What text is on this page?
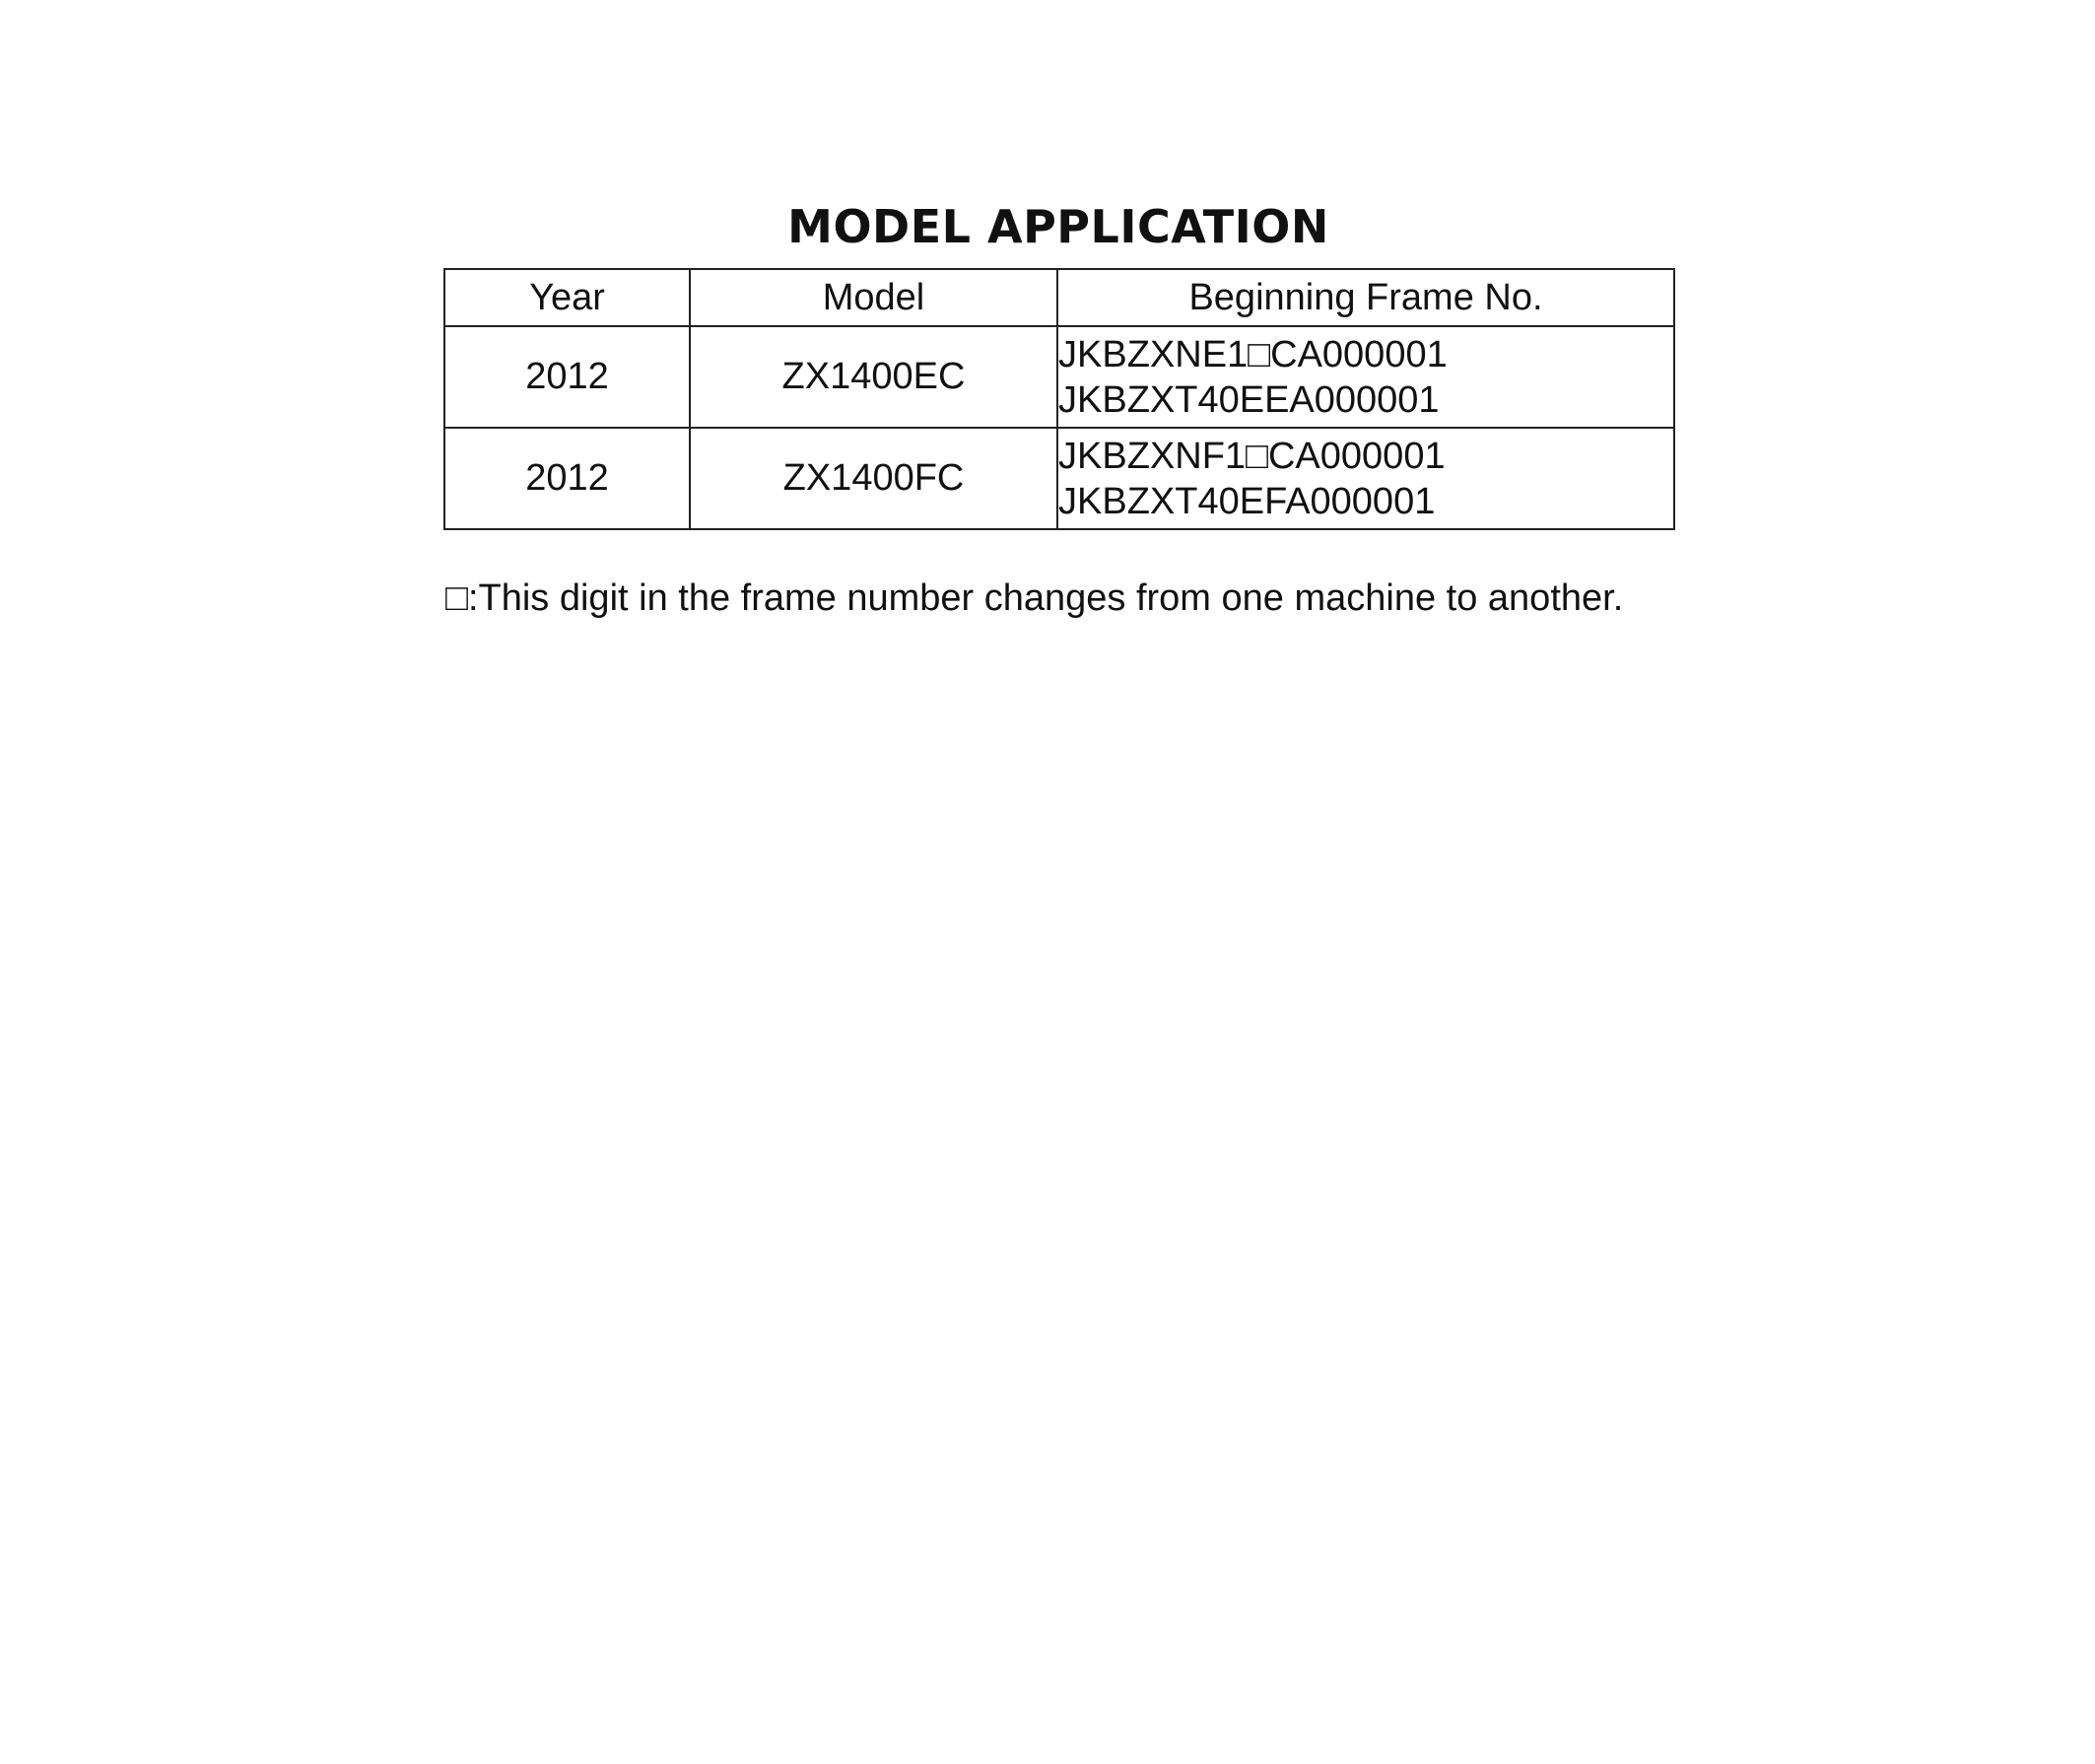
MODEL APPLICATION
Year	Model	Beginning Frame No.
2012	ZX1400EC	JKBZXNE1□CA000001
JKBZXT40EEA000001

2012	ZX1400FC	JKBZXNF1□CA000001
JKBZXT40EFA000001
□:This digit in the frame number changes from one machine to another.
